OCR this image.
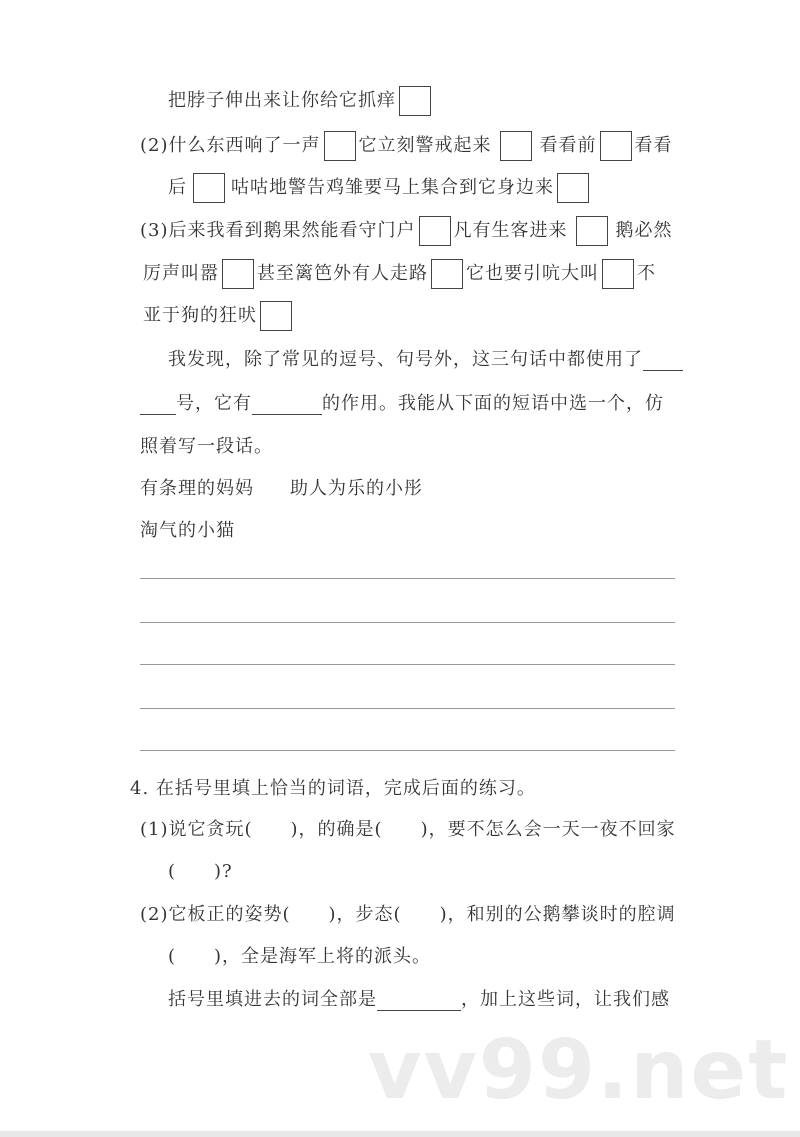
把脖子伸出来让你给它抓痒
(2)什么东西响了一声 它立刻警戒起来	看看前 看看
后 咕咕地警告鸡雏要马上集合到它身边来
(3)后来我看到鹅果然能看守门户 凡有生客进来	鹅必然
厉声叫嚣 甚至篱笆外有人走路 它也要引吭大叫 不
亚于狗的狂吠
我发现，除了常见的逗号、句号外，这三句话中都使用了
号，它有	的作用。我能从下面的短语中选一个，仿
照着写一段话。
有条理的妈妈 助人为乐的小彤
淘气的小猫
4. 在括号里填上恰当的词语，完成后面的练习。
(1)说它贪玩(　　)，的确是(　　)，要不怎么会一天一夜不回家
(　　)?
(2)它板正的姿势(　　)，步态(　　)，和别的公鹅攀谈时的腔调
(　　)，全是海军上将的派头。
括号里填进去的词全部是	，加上这些词，让我们感
vv99.net
